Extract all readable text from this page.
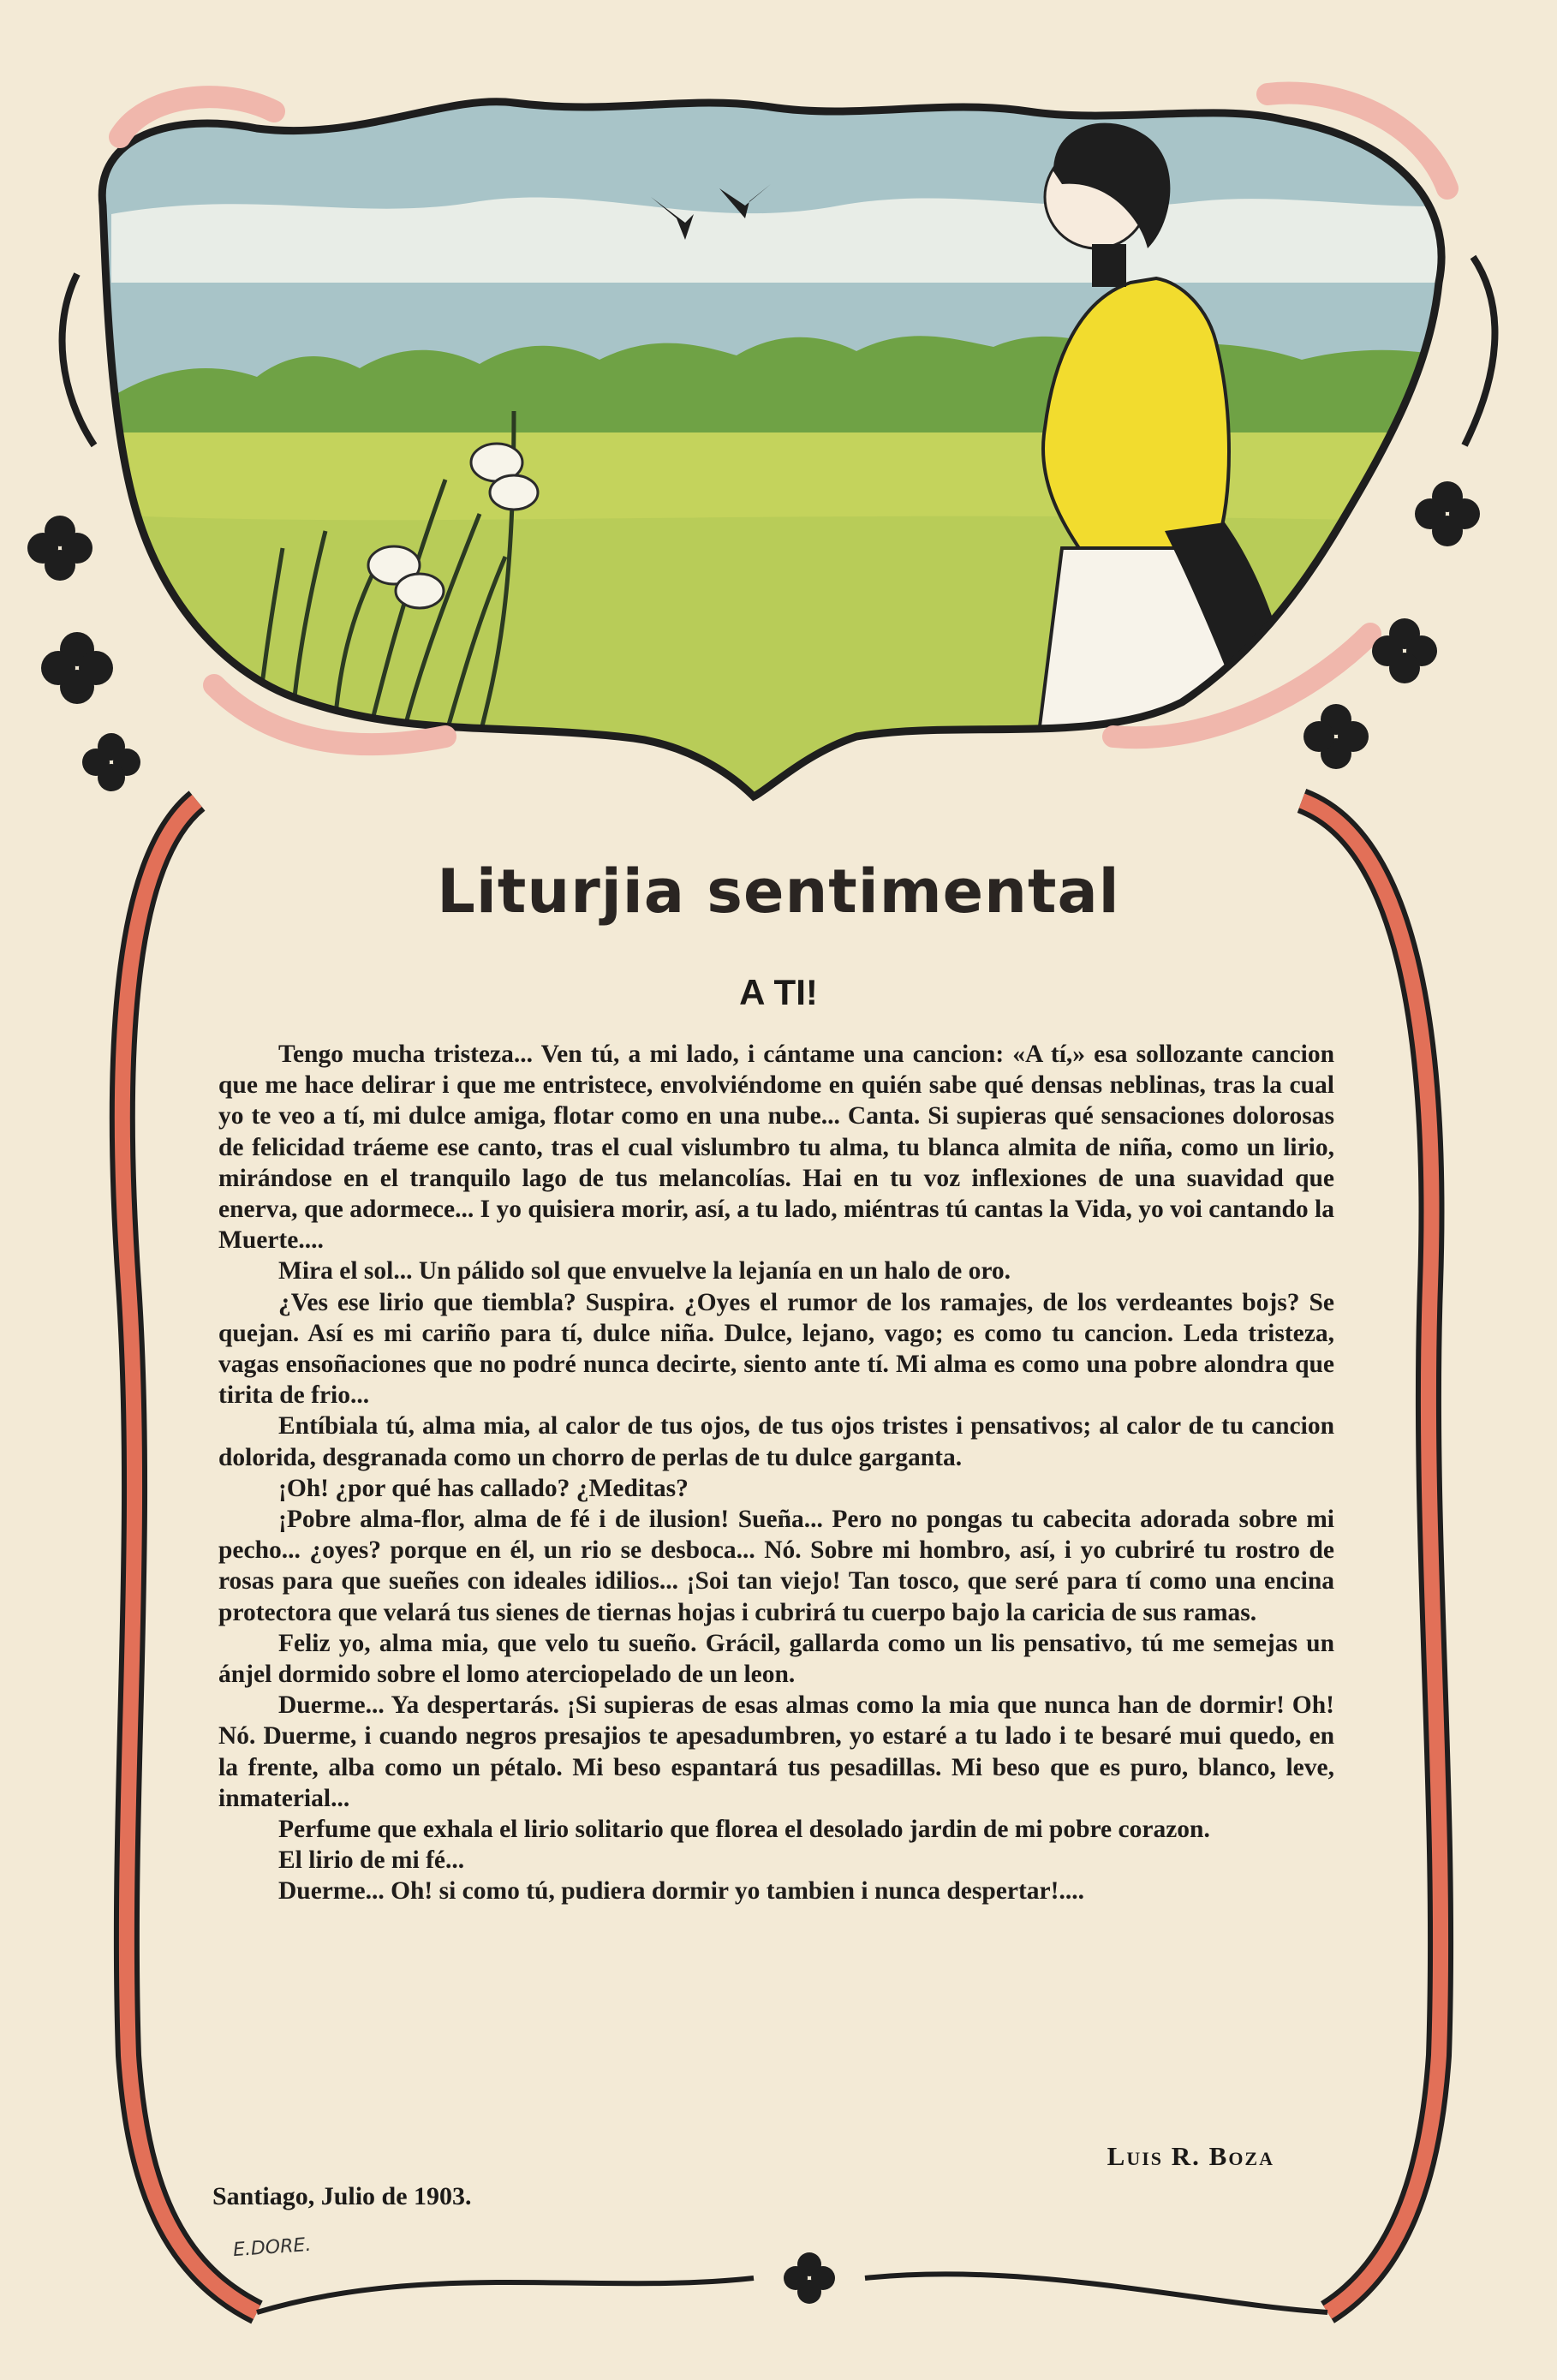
Liturjia sentimental
A TI!

Tengo mucha tristeza... Ven tú, a mi lado, i cántame una cancion: «A tí,» esa sollozante cancion que me hace delirar i que me entristece, envolviéndome en quién sabe qué densas neblinas, tras la cual yo te veo a tí, mi dulce amiga, flotar como en una nube... Canta. Si supieras qué sensaciones dolorosas de felicidad tráeme ese canto, tras el cual vislumbro tu alma, tu blanca almita de niña, como un lirio, mirándose en el tranquilo lago de tus melancolías. Hai en tu voz inflexiones de una suavidad que enerva, que adormece... I yo quisiera morir, así, a tu lado, miéntras tú cantas la Vida, yo voi cantando la Muerte....

Mira el sol... Un pálido sol que envuelve la lejanía en un halo de oro.

¿Ves ese lirio que tiembla? Suspira. ¿Oyes el rumor de los ramajes, de los verdeantes bojs? Se quejan. Así es mi cariño para tí, dulce niña. Dulce, lejano, vago; es como tu cancion. Leda tristeza, vagas ensoñaciones que no podré nunca decirte, siento ante tí. Mi alma es como una pobre alondra que tirita de frio...

Entíbiala tú, alma mia, al calor de tus ojos, de tus ojos tristes i pensativos; al calor de tu cancion dolorida, desgranada como un chorro de perlas de tu dulce garganta.

¡Oh! ¿por qué has callado? ¿Meditas?

¡Pobre alma-flor, alma de fé i de ilusion! Sueña... Pero no pongas tu cabecita adorada sobre mi pecho... ¿oyes? porque en él, un rio se desboca... Nó. Sobre mi hombro, así, i yo cubriré tu rostro de rosas para que sueñes con ideales idilios... ¡Soi tan viejo! Tan tosco, que seré para tí como una encina protectora que velará tus sienes de tiernas hojas i cubrirá tu cuerpo bajo la caricia de sus ramas.

Feliz yo, alma mia, que velo tu sueño. Grácil, gallarda como un lis pensativo, tú me semejas un ánjel dormido sobre el lomo aterciopelado de un leon.

Duerme... Ya despertarás. ¡Si supieras de esas almas como la mia que nunca han de dormir! Oh! Nó. Duerme, i cuando negros presajios te apesadumbren, yo estaré a tu lado i te besaré mui quedo, en la frente, alba como un pétalo. Mi beso espantará tus pesadillas. Mi beso que es puro, blanco, leve, inmaterial...

Perfume que exhala el lirio solitario que florea el desolado jardin de mi pobre corazon.

El lirio de mi fé...

Duerme... Oh! si como tú, pudiera dormir yo tambien i nunca despertar!....

Luis R. Boza
Santiago, Julio de 1903.
E.DORE.
